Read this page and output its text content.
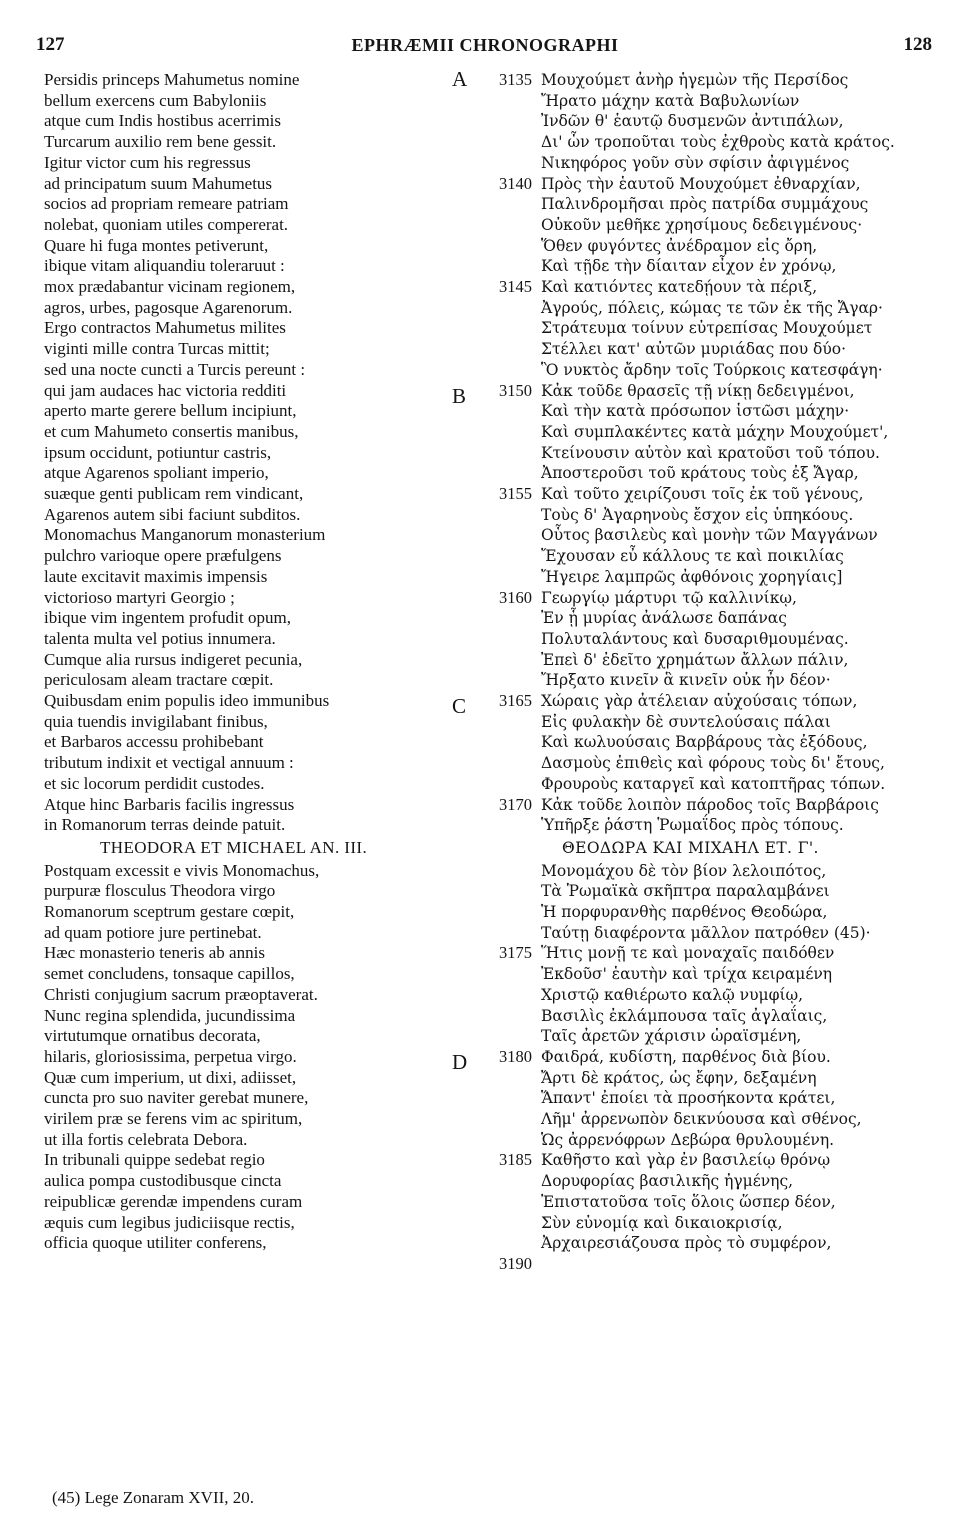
127	EPHRÆMII CHRONOGRAPHI	128
Persidis princeps Mahumetus nomine
bellum exercens cum Babyloniis
atque cum Indis hostibus acerrimis
Turcarum auxilio rem bene gessit.
Igitur victor cum his regressus
ad principatum suum Mahumetus
socios ad propriam remeare patriam
nolebat, quoniam utiles compererat.
Quare hi fuga montes petiverunt,
ibique vitam aliquandiu toleraruut :
mox prædabantur vicinam regionem,
agros, urbes, pagosque Agarenorum.
Ergo contractos Mahumetus milites
viginti mille contra Turcas mittit;
sed una nocte cuncti a Turcis pereunt :
qui jam audaces hac victoria redditi
aperto marte gerere bellum incipiunt,
et cum Mahumeto consertis manibus,
ipsum occidunt, potiuntur castris,
atque Agarenos spoliant imperio,
suæque genti publicam rem vindicant,
Agarenos autem sibi faciunt subditos.
Monomachus Manganorum monasterium
pulchro varioque opere præfulgens
laute excitavit maximis impensis
victorioso martyri Georgio ;
ibique vim ingentem profudit opum,
talenta multa vel potius innumera.
Cumque alia rursus indigeret pecunia,
periculosam aleam tractare cœpit.
Quibusdam enim populis ideo immunibus
quia tuendis invigilabant finibus,
et Barbaros accessu prohibebant
tributum indixit et vectigal annuum :
et sic locorum perdidit custodes.
Atque hinc Barbaris facilis ingressus
in Romanorum terras deinde patuit.
THEODORA ET MICHAEL AN. III.
Postquam excessit e vivis Monomachus,
purpuræ flosculus Theodora virgo
Romanorum sceptrum gestare cœpit,
ad quam potiore jure pertinebat.
Hæc monasterio teneris ab annis
semet concludens, tonsaque capillos,
Christi conjugium sacrum præoptaverat.
Nunc regina splendida, jucundissima
virtutumque ornatibus decorata,
hilaris, gloriosissima, perpetua virgo.
Quæ cum imperium, ut dixi, adiisset,
cuncta pro suo naviter gerebat munere,
virilem præ se ferens vim ac spiritum,
ut illa fortis celebrata Debora.
In tribunali quippe sedebat regio
aulica pompa custodibusque cincta
reipublicæ gerendæ impendens curam
æquis cum legibus judiciisque rectis,
officia quoque utiliter conferens,
Μουχούμετ ἀνὴρ ἡγεμὼν τῆς Περσίδος
Ἤρατο μάχην κατὰ Βαβυλωνίων
Ἰνδῶν θ' ἑαυτῷ δυσμενῶν ἀντιπάλων,
Δι' ὧν τροποῦται τοὺς ἐχθροὺς κατὰ κράτος.
Νικηφόρος γοῦν σὺν σφίσιν ἀφιγμένος
Πρὸς τὴν ἑαυτοῦ Μουχούμετ ἐθναρχίαν,
Παλινδρομῆσαι πρὸς πατρίδα συμμάχους
Οὐκοῦν μεθῆκε χρησίμους δεδειγμένους·
Ὅθεν φυγόντες ἀνέδραμον εἰς ὄρη,
Καὶ τῇδε τὴν δίαιταν εἶχον ἐν χρόνῳ,
Καὶ κατιόντες κατεδῄουν τὰ πέριξ,
Ἀγρούς, πόλεις, κώμας τε τῶν ἐκ τῆς Ἄγαρ·
Στράτευμα τοίνυν εὐτρεπίσας Μουχούμετ
Στέλλει κατ' αὐτῶν μυριάδας που δύο·
Ὃ νυκτὸς ἄρδην τοῖς Τούρκοις κατεσφάγη·
Κἀκ τοῦδε θρασεῖς τῇ νίκῃ δεδειγμένοι,
Καὶ τὴν κατὰ πρόσωπον ἱστῶσι μάχην·
Καὶ συμπλακέντες κατὰ μάχην Μουχούμετ',
Κτείνουσιν αὐτὸν καὶ κρατοῦσι τοῦ τόπου.
Ἀποστεροῦσι τοῦ κράτους τοὺς ἐξ Ἄγαρ,
Καὶ τοῦτο χειρίζουσι τοῖς ἐκ τοῦ γένους,
Τοὺς δ' Ἀγαρηνοὺς ἔσχον εἰς ὑπηκόους.
Οὗτος βασιλεὺς καὶ μονὴν τῶν Μαγγάνων
Ἔχουσαν εὖ κάλλους τε καὶ ποικιλίας
Ἤγειρε λαμπρῶς ἀφθόνοις χορηγίαις]
Γεωργίῳ μάρτυρι τῷ καλλινίκῳ,
Ἐν ᾗ μυρίας ἀνάλωσε δαπάνας
Πολυταλάντους καὶ δυσαριθμουμένας.
Ἐπεὶ δ' ἐδεῖτο χρημάτων ἄλλων πάλιν,
Ἤρξατο κινεῖν ἃ κινεῖν οὐκ ἦν δέον·
Χώραις γὰρ ἀτέλειαν αὐχούσαις τόπων,
Εἰς φυλακὴν δὲ συντελούσαις πάλαι
Καὶ κωλυούσαις Βαρβάρους τὰς ἐξόδους,
Δασμοὺς ἐπιθεὶς καὶ φόρους τοὺς δι' ἔτους,
Φρουροὺς καταργεῖ καὶ κατοπτῆρας τόπων.
Κἀκ τοῦδε λοιπὸν πάροδος τοῖς Βαρβάροις
Ὑπῆρξε ῥάστη Ῥωμαΐδος πρὸς τόπους.
ΘΕΟΔΩΡΑ ΚΑΙ ΜΙΧΑΗΛ ΕΤ. Γ'.
Μονομάχου δὲ τὸν βίον λελοιπότος,
Τὰ Ῥωμαϊκὰ σκῆπτρα παραλαμβάνει
Ἡ πορφυρανθὴς παρθένος Θεοδώρα,
Ταύτῃ διαφέροντα μᾶλλον πατρόθεν (45)·
Ἥτις μονῇ τε καὶ μοναχαῖς παιδόθεν
Ἐκδοῦσ' ἑαυτὴν καὶ τρίχα κειραμένη
Χριστῷ καθιέρωτο καλῷ νυμφίῳ,
Βασιλὶς ἐκλάμπουσα ταῖς ἀγλαΐαις,
Ταῖς ἀρετῶν χάρισιν ὡραϊσμένη,
Φαιδρά, κυδίστη, παρθένος διὰ βίου.
Ἄρτι δὲ κράτος, ὡς ἔφην, δεξαμένη
Ἅπαντ' ἐποίει τὰ προσήκοντα κράτει,
Λῆμ' ἀρρενωπὸν δεικνύουσα καὶ σθένος,
Ὡς ἀρρενόφρων Δεβώρα θρυλουμένη.
Καθῆστο καὶ γὰρ ἐν βασιλείῳ θρόνῳ
Δορυφορίας βασιλικῆς ἠγμένης,
Ἐπιστατοῦσα τοῖς ὅλοις ὥσπερ δέον,
Σὺν εὐνομίᾳ καὶ δικαιοκρισίᾳ,
Ἀρχαιρεσιάζουσα πρὸς τὸ συμφέρον,
3135
3140
3145
3150
3155
3160
3165
3170
3175
3180
3185
3190
A
B
C
D
(45) Lege Zonaram XVII, 20.
